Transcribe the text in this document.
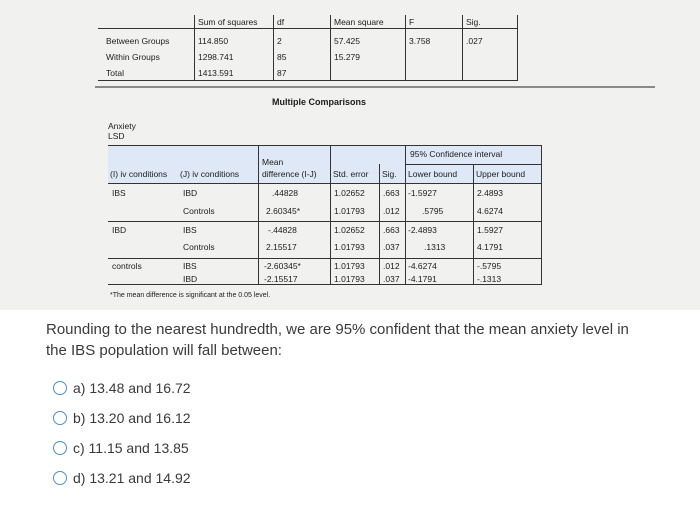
Sum of squares df	Mean square	F	Sig.
Between Groups	114.850	2	57.425	3.758	.027
Within Groups	1298.741	85	15.279
Total	1413.591	87
Multiple Comparisons
Anxiety
LSD
Mean
95% Confidence interval
(I) iv conditions (J) iv conditions	difference (I-J) Std. error Sig. Lower bound Upper bound
IBS	IBD	.44828	1.02652 .663 -1.5927	2.4893
Controls	2.60345*	1.01793 .012	.5795	4.6274
IBD	IBS	-.44828	1.02652 .663 -2.4893	1.5927
Controls	2.15517	1.01793 .037	.1313	4.1791
controls	IBS	-2.60345*	1.01793 .012 -4.6274	-.5795
IBD	-2.15517	1.01793 .037 -4.1791	-.1313
*The mean difference is significant at the 0.05 level.
Rounding to the nearest hundredth, we are 95% confident that the mean anxiety level in the IBS population will fall between:
a) 13.48 and 16.72
b) 13.20 and 16.12
c) 11.15 and 13.85
d) 13.21 and 14.92
